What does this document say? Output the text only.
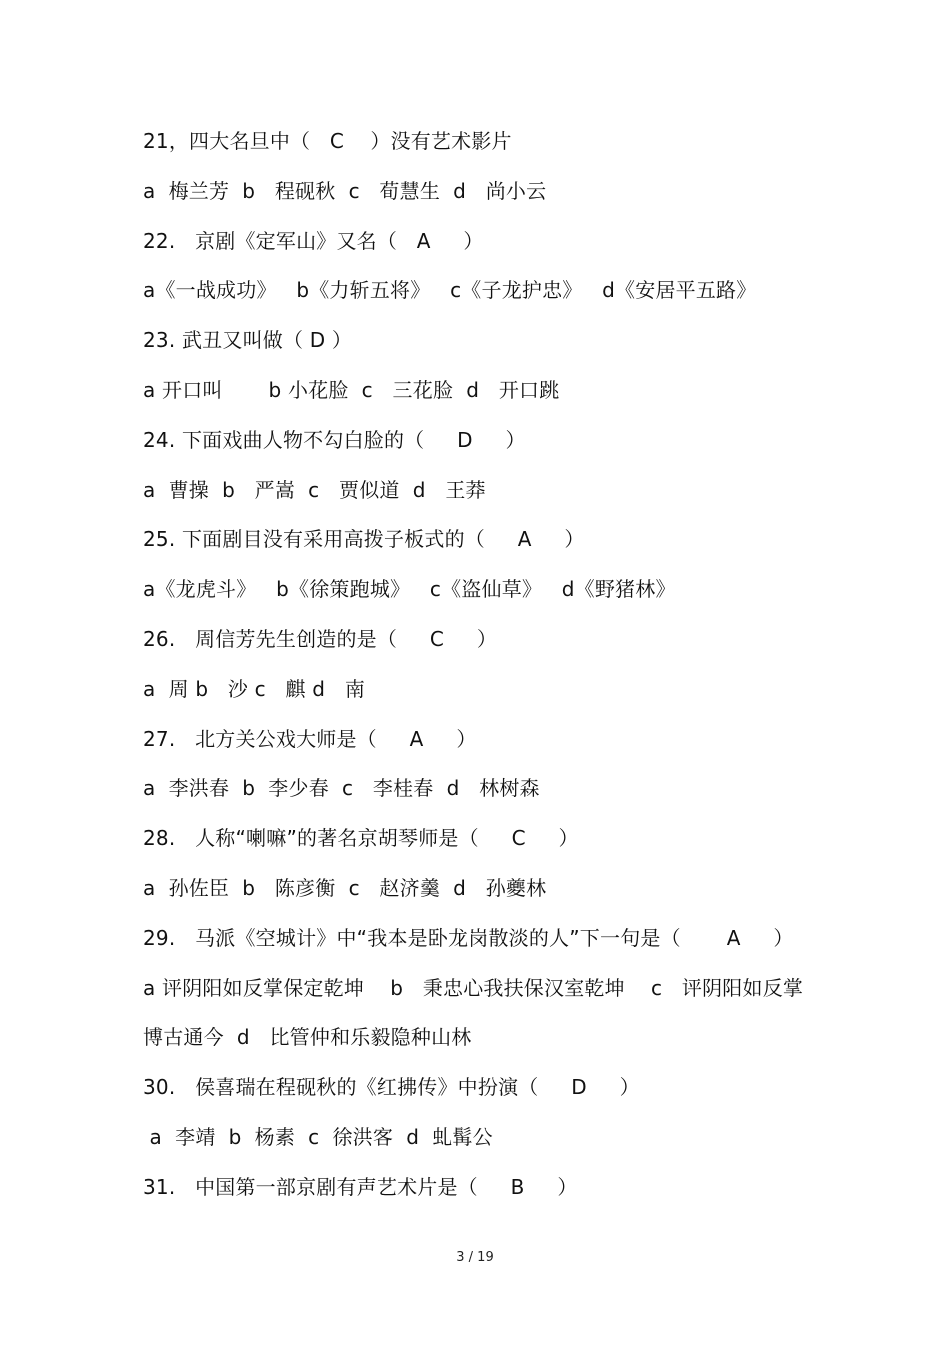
21，四大名旦中（   C    ）没有艺术影片
a  梅兰芳  b   程砚秋  c   荀慧生  d   尚小云
22.   京剧《定军山》又名（   A     ）
a《一战成功》   b《力斩五将》   c《子龙护忠》   d《安居平五路》
23. 武丑又叫做（ D ）
a 开口叫       b 小花脸  c   三花脸  d   开口跳
24. 下面戏曲人物不勾白脸的（     D     ）
a  曹操  b   严嵩  c   贾似道  d   王莽
25. 下面剧目没有采用高拨子板式的（     A     ）
a《龙虎斗》   b《徐策跑城》   c《盗仙草》   d《野猪林》
26.   周信芳先生创造的是（     C     ）
a  周 b   沙 c   麒 d   南
27.   北方关公戏大师是（     A     ）
a  李洪春  b  李少春  c   李桂春  d   林树森
28.   人称“喇嘛”的著名京胡琴师是（     C     ）
a  孙佐臣  b   陈彦衡  c   赵济羹  d   孙夔林
29.   马派《空城计》中“我本是卧龙岗散淡的人”下一句是（       A     ）
a 评阴阳如反掌保定乾坤    b   秉忠心我扶保汉室乾坤    c   评阴阳如反掌
博古通今  d   比管仲和乐毅隐种山林
30.   侯喜瑞在程砚秋的《红拂传》中扮演（     D     ）
a  李靖  b  杨素  c  徐洪客  d  虬髯公
31.   中国第一部京剧有声艺术片是（     B     ）
3 / 19
